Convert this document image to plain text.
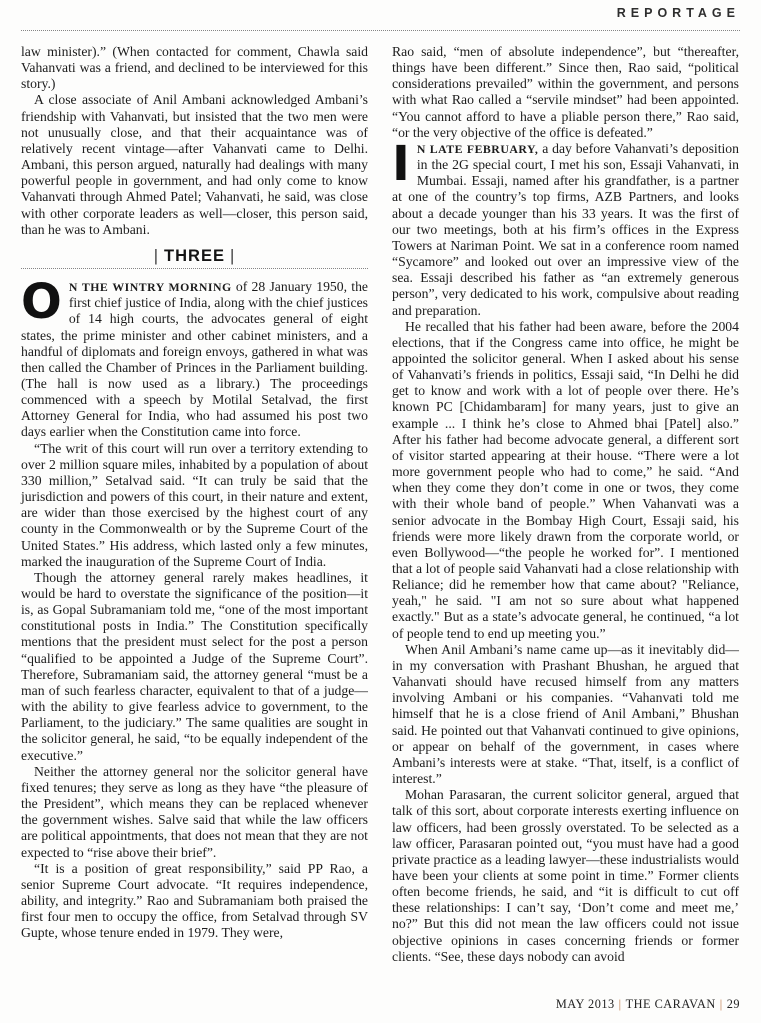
REPORTAGE

law minister).” (When contacted for comment, Chawla said Vahanvati was a friend, and declined to be interviewed for this story.)

A close associate of Anil Ambani acknowledged Ambani’s friendship with Vahanvati, but insisted that the two men were not unusually close, and that their acquaintance was of relatively recent vintage—after Vahanvati came to Delhi. Ambani, this person argued, naturally had dealings with many powerful people in government, and had only come to know Vahanvati through Ahmed Patel; Vahanvati, he said, was close with other corporate leaders as well—closer, this person said, than he was to Ambani.

| THREE |

O N THE WINTRY MORNING of 28 January 1950, the first chief justice of India, along with the chief justices of 14 high courts, the advocates general of eight states, the prime minister and other cabinet ministers, and a handful of diplomats and foreign envoys, gathered in what was then called the Chamber of Princes in the Parliament building. (The hall is now used as a library.) The proceedings commenced with a speech by Motilal Setalvad, the first Attorney General for India, who had assumed his post two days earlier when the Constitution came into force.

“The writ of this court will run over a territory extending to over 2 million square miles, inhabited by a population of about 330 million,” Setalvad said. “It can truly be said that the jurisdiction and powers of this court, in their nature and extent, are wider than those exercised by the highest court of any county in the Commonwealth or by the Supreme Court of the United States.” His address, which lasted only a few minutes, marked the inauguration of the Supreme Court of India.

Though the attorney general rarely makes headlines, it would be hard to overstate the significance of the position—it is, as Gopal Subramaniam told me, “one of the most important constitutional posts in India.” The Constitution specifically mentions that the president must select for the post a person “qualified to be appointed a Judge of the Supreme Court”. Therefore, Subramaniam said, the attorney general “must be a man of such fearless character, equivalent to that of a judge—with the ability to give fearless advice to government, to the Parliament, to the judiciary.” The same qualities are sought in the solicitor general, he said, “to be equally independent of the executive.”

Neither the attorney general nor the solicitor general have fixed tenures; they serve as long as they have “the pleasure of the President”, which means they can be replaced whenever the government wishes. Salve said that while the law officers are political appointments, that does not mean that they are not expected to “rise above their brief”.

“It is a position of great responsibility,” said PP Rao, a senior Supreme Court advocate. “It requires independence, ability, and integrity.” Rao and Subramaniam both praised the first four men to occupy the office, from Setalvad through SV Gupte, whose tenure ended in 1979. They were,

Rao said, “men of absolute independence”, but “thereafter, things have been different.” Since then, Rao said, “political considerations prevailed” within the government, and persons with what Rao called a “servile mindset” had been appointed. “You cannot afford to have a pliable person there,” Rao said, “or the very objective of the office is defeated.”

I N LATE FEBRUARY, a day before Vahanvati’s deposition in the 2G special court, I met his son, Essaji Vahanvati, in Mumbai. Essaji, named after his grandfather, is a partner at one of the country’s top firms, AZB Partners, and looks about a decade younger than his 33 years. It was the first of our two meetings, both at his firm’s offices in the Express Towers at Nariman Point. We sat in a conference room named “Sycamore” and looked out over an impressive view of the sea. Essaji described his father as “an extremely generous person”, very dedicated to his work, compulsive about reading and preparation.

He recalled that his father had been aware, before the 2004 elections, that if the Congress came into office, he might be appointed the solicitor general. When I asked about his sense of Vahanvati’s friends in politics, Essaji said, “In Delhi he did get to know and work with a lot of people over there. He’s known PC [Chidambaram] for many years, just to give an example ... I think he’s close to Ahmed bhai [Patel] also.” After his father had become advocate general, a different sort of visitor started appearing at their house. “There were a lot more government people who had to come,” he said. “And when they come they don’t come in one or twos, they come with their whole band of people.” When Vahanvati was a senior advocate in the Bombay High Court, Essaji said, his friends were more likely drawn from the corporate world, or even Bollywood—“the people he worked for”. I mentioned that a lot of people said Vahanvati had a close relationship with Reliance; did he remember how that came about? "Reliance, yeah," he said. "I am not so sure about what happened exactly." But as a state’s advocate general, he continued, “a lot of people tend to end up meeting you.”

When Anil Ambani’s name came up—as it inevitably did—in my conversation with Prashant Bhushan, he argued that Vahanvati should have recused himself from any matters involving Ambani or his companies. “Vahanvati told me himself that he is a close friend of Anil Ambani,” Bhushan said. He pointed out that Vahanvati continued to give opinions, or appear on behalf of the government, in cases where Ambani’s interests were at stake. “That, itself, is a conflict of interest.”

Mohan Parasaran, the current solicitor general, argued that talk of this sort, about corporate interests exerting influence on law officers, had been grossly overstated. To be selected as a law officer, Parasaran pointed out, “you must have had a good private practice as a leading lawyer—these industrialists would have been your clients at some point in time.” Former clients often become friends, he said, and “it is difficult to cut off these relationships: I can’t say, ‘Don’t come and meet me,’ no?” But this did not mean the law officers could not issue objective opinions in cases concerning friends or former clients. “See, these days nobody can avoid

MAY 2013 | THE CARAVAN | 29
